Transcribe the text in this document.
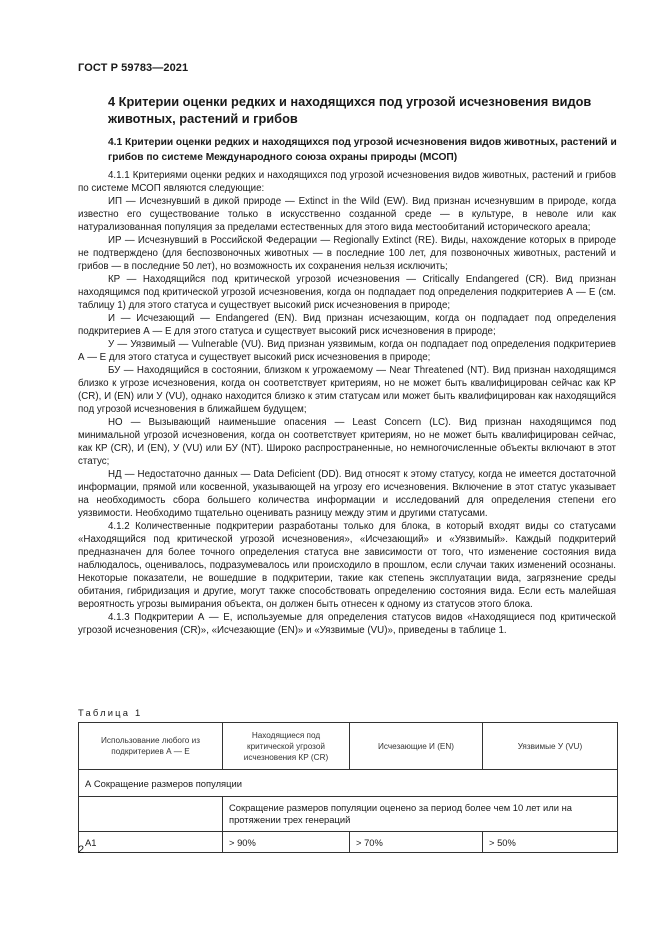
ГОСТ Р 59783—2021
4 Критерии оценки редких и находящихся под угрозой исчезновения видов животных, растений и грибов
4.1 Критерии оценки редких и находящихся под угрозой исчезновения видов животных, растений и грибов по системе Международного союза охраны природы (МСОП)

4.1.1 Критериями оценки редких и находящихся под угрозой исчезновения видов животных, растений и грибов по системе МСОП являются следующие:

ИП — Исчезнувший в дикой природе — Extinct in the Wild (EW). Вид признан исчезнувшим в природе, когда известно его существование только в искусственно созданной среде — в культуре, в неволе или как натурализованная популяция за пределами естественных для этого вида местообитаний исторического ареала;

ИР — Исчезнувший в Российской Федерации — Regionally Extinct (RE). Виды, нахождение которых в природе не подтверждено (для беспозвоночных животных — в последние 100 лет, для позвоночных животных, растений и грибов — в последние 50 лет), но возможность их сохранения нельзя исключить;

КР — Находящийся под критической угрозой исчезновения — Critically Endangered (CR). Вид признан находящимся под критической угрозой исчезновения, когда он подпадает под определения подкритериев А — Е (см. таблицу 1) для этого статуса и существует высокий риск исчезновения в природе;

И — Исчезающий — Endangered (EN). Вид признан исчезающим, когда он подпадает под определения подкритериев А — Е для этого статуса и существует высокий риск исчезновения в природе;

У — Уязвимый — Vulnerable (VU). Вид признан уязвимым, когда он подпадает под определения подкритериев А — Е для этого статуса и существует высокий риск исчезновения в природе;

БУ — Находящийся в состоянии, близком к угрожаемому — Near Threatened (NT). Вид признан находящимся близко к угрозе исчезновения, когда он соответствует критериям, но не может быть квалифицирован сейчас как КР (CR), И (EN) или У (VU), однако находится близко к этим статусам или может быть квалифицирован как находящийся под угрозой исчезновения в ближайшем будущем;

НО — Вызывающий наименьшие опасения — Least Concern (LC). Вид признан находящимся под минимальной угрозой исчезновения, когда он соответствует критериям, но не может быть квалифицирован сейчас, как КР (CR), И (EN), У (VU) или БУ (NT). Широко распространенные, но немногочисленные объекты включают в этот статус;

НД — Недостаточно данных — Data Deficient (DD). Вид относят к этому статусу, когда не имеется достаточной информации, прямой или косвенной, указывающей на угрозу его исчезновения. Включение в этот статус указывает на необходимость сбора большего количества информации и исследований для определения степени его уязвимости. Необходимо тщательно оценивать разницу между этим и другими статусами.

4.1.2 Количественные подкритерии разработаны только для блока, в который входят виды со статусами «Находящийся под критической угрозой исчезновения», «Исчезающий» и «Уязвимый». Каждый подкритерий предназначен для более точного определения статуса вне зависимости от того, что изменение состояния вида наблюдалось, оценивалось, подразумевалось или происходило в прошлом, если случаи таких изменений осознаны. Некоторые показатели, не вошедшие в подкритерии, такие как степень эксплуатации вида, загрязнение среды обитания, гибридизация и другие, могут также способствовать определению состояния вида. Если есть малейшая вероятность угрозы вымирания объекта, он должен быть отнесен к одному из статусов этого блока.

4.1.3 Подкритерии А — Е, используемые для определения статусов видов «Находящиеся под критической угрозой исчезновения (CR)», «Исчезающие (EN)» и «Уязвимые (VU)», приведены в таблице 1.

Таблица 1
Использование любого из подкритериев А — Е	Находящиеся под критической угрозой исчезновения КР (CR)	Исчезающие И (EN)	Уязвимые У (VU)
А Сокращение размеров популяции			
	Сокращение размеров популяции оценено за период более чем 10 лет или на протяжении трех генераций		
А1	> 90%	> 70%	> 50%
2
